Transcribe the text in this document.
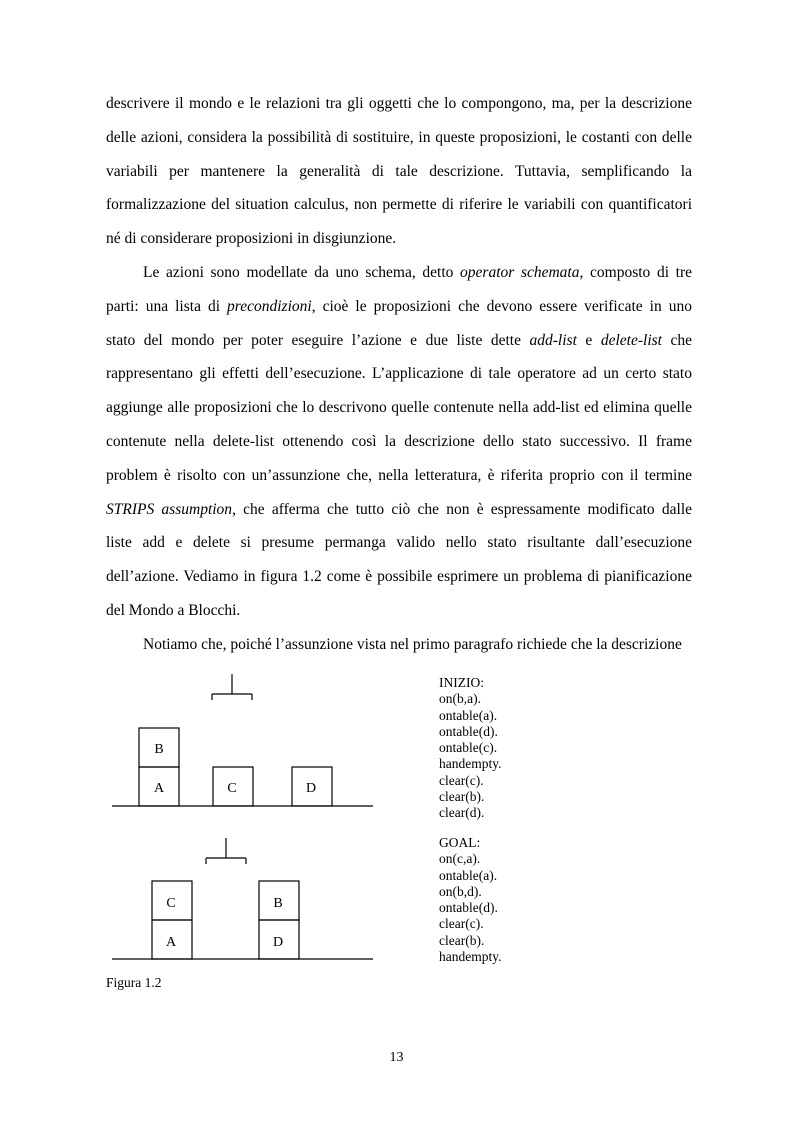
descrivere il mondo e le relazioni tra gli oggetti che lo compongono, ma, per la descrizione
delle azioni, considera la possibilità di sostituire, in queste proposizioni, le costanti con delle
variabili per mantenere la generalità di tale descrizione. Tuttavia, semplificando la
formalizzazione del situation calculus, non permette di riferire le variabili con quantificatori
né di considerare proposizioni in disgiunzione.

Le azioni sono modellate da uno schema, detto operator schemata, composto di tre
parti: una lista di precondizioni, cioè le proposizioni che devono essere verificate in uno
stato del mondo per poter eseguire l’azione e due liste dette add-list e delete-list che
rappresentano gli effetti dell’esecuzione. L’applicazione di tale operatore ad un certo stato
aggiunge alle proposizioni che lo descrivono quelle contenute nella add-list ed elimina quelle
contenute nella delete-list ottenendo così la descrizione dello stato successivo. Il frame
problem è risolto con un’assunzione che, nella letteratura, è riferita proprio con il termine
STRIPS assumption, che afferma che tutto ciò che non è espressamente modificato dalle
liste add e delete si presume permanga valido nello stato risultante dall’esecuzione
dell’azione. Vediamo in figura 1.2 come è possibile esprimere un problema di pianificazione
del Mondo a Blocchi.

Notiamo che, poiché l’assunzione vista nel primo paragrafo richiede che la descrizione

B
A	C	D
C
A
B
D
INIZIO:
on(b,a).
ontable(a).
ontable(d).
ontable(c).
handempty.
clear(c).
clear(b).
clear(d).
GOAL:
on(c,a).
ontable(a).
on(b,d).
ontable(d).
clear(c).
clear(b).
handempty.
Figura 1.2
13
